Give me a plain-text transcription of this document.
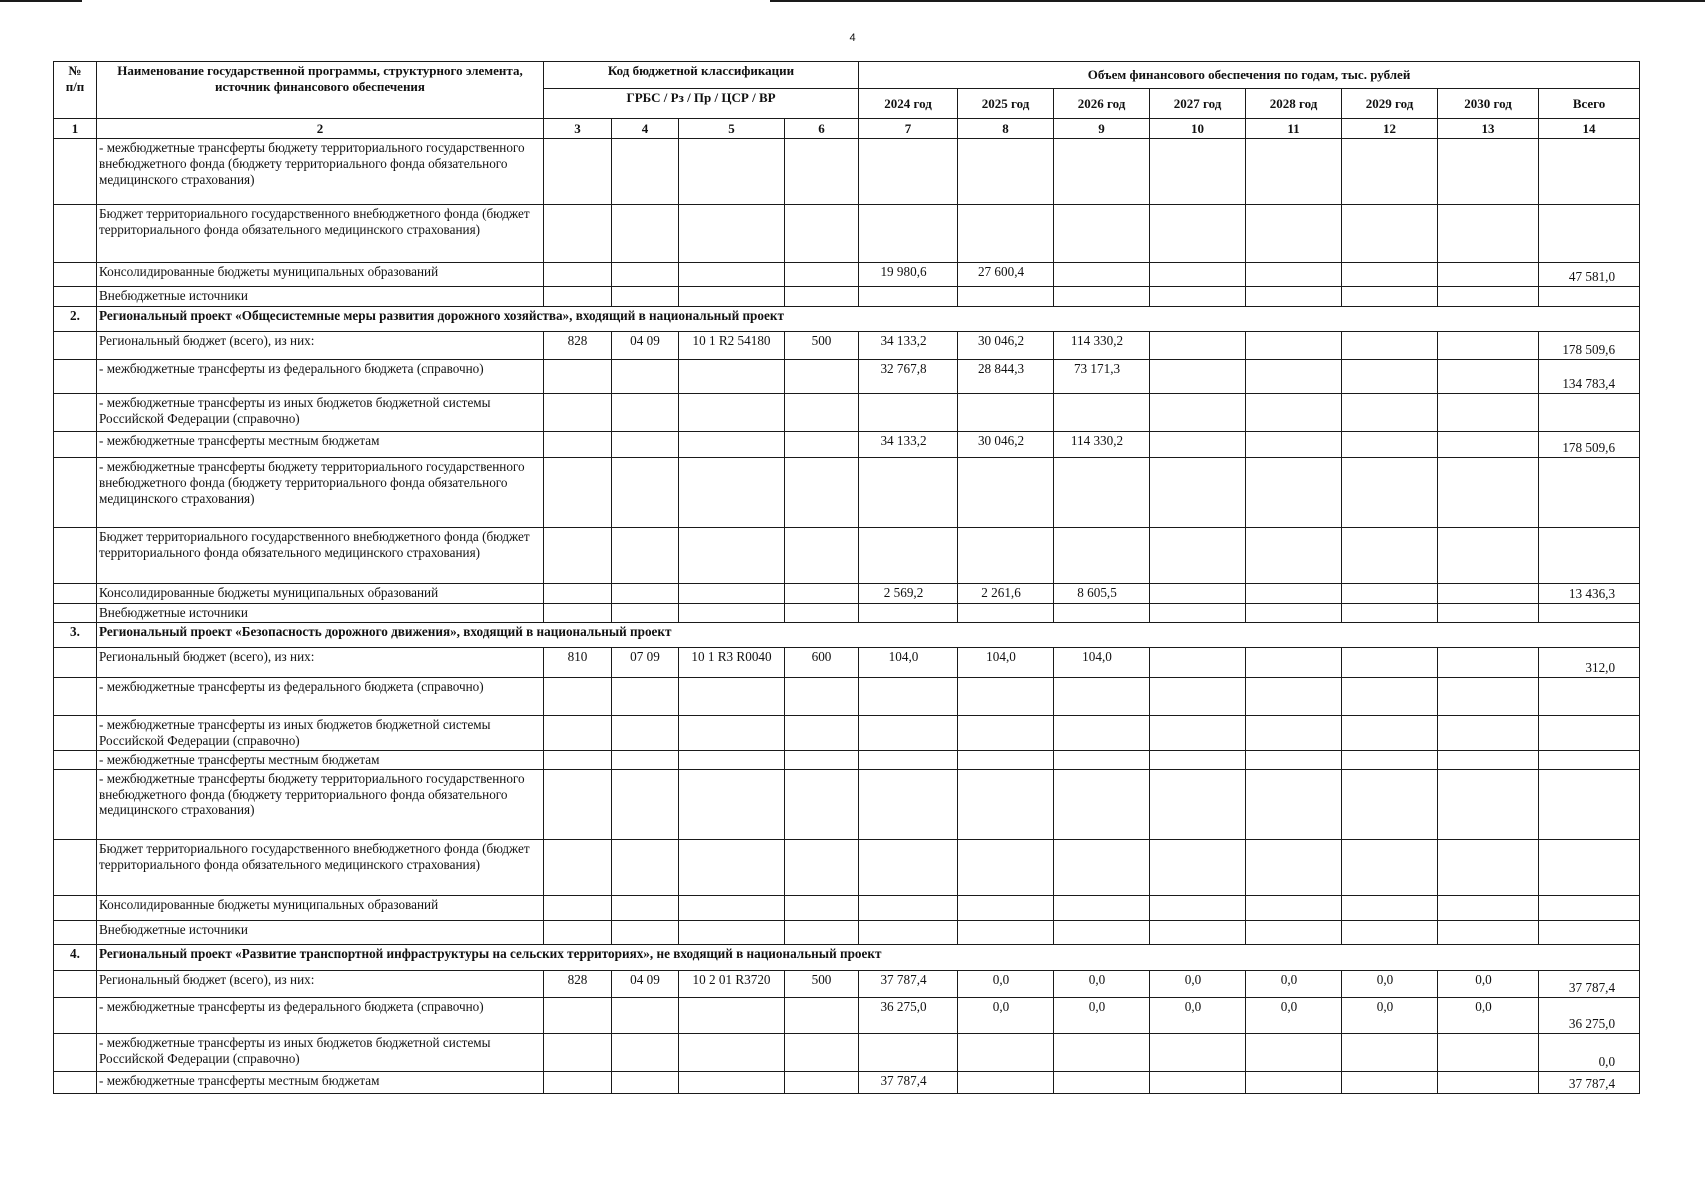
4
№
п/п	Наименование государственной программы, структурного элемента, источник финансового обеспечения	Код бюджетной классификации				Объем финансового обеспечения по годам, тыс. рублей							
		ГРБС / Рз / Пр / ЦСР / ВР				2024 год	2025 год	2026 год	2027 год	2028 год	2029 год	2030 год	Всего
1	2	3	4	5	6	7	8	9	10	11	12	13	14
	- межбюджетные трансферты бюджету территориального государственного внебюджетного фонда (бюджету территориального фонда обязательного медицинского страхования)												
	Бюджет территориального государственного внебюджетного фонда (бюджет территориального фонда обязательного медицинского страхования)												
	Консолидированные бюджеты муниципальных образований					19 980,6	27 600,4						47 581,0
	Внебюджетные источники												
2.	Региональный проект «Общесистемные меры развития дорожного хозяйства», входящий в национальный проект												
	Региональный бюджет (всего), из них:	828	04 09	10 1 R2 54180	500	34 133,2	30 046,2	114 330,2					178 509,6
	- межбюджетные трансферты из федерального бюджета (справочно)					32 767,8	28 844,3	73 171,3					134 783,4
	- межбюджетные трансферты из иных бюджетов бюджетной системы Российской Федерации (справочно)												
	- межбюджетные трансферты местным бюджетам					34 133,2	30 046,2	114 330,2					178 509,6
	- межбюджетные трансферты бюджету территориального государственного внебюджетного фонда (бюджету территориального фонда обязательного медицинского страхования)												
	Бюджет территориального государственного внебюджетного фонда (бюджет территориального фонда обязательного медицинского страхования)												
	Консолидированные бюджеты муниципальных образований					2 569,2	2 261,6	8 605,5					13 436,3
	Внебюджетные источники												
3.	Региональный проект «Безопасность дорожного движения», входящий в национальный проект												
	Региональный бюджет (всего), из них:	810	07 09	10 1 R3 R0040	600	104,0	104,0	104,0					312,0
	- межбюджетные трансферты из федерального бюджета (справочно)												
	- межбюджетные трансферты из иных бюджетов бюджетной системы Российской Федерации (справочно)												
	- межбюджетные трансферты местным бюджетам												
	- межбюджетные трансферты бюджету территориального государственного внебюджетного фонда (бюджету территориального фонда обязательного медицинского страхования)												
	Бюджет территориального государственного внебюджетного фонда (бюджет территориального фонда обязательного медицинского страхования)												
	Консолидированные бюджеты муниципальных образований												
	Внебюджетные источники												
4.	Региональный проект «Развитие транспортной инфраструктуры на сельских территориях», не входящий в национальный проект												
	Региональный бюджет (всего), из них:	828	04 09	10 2 01 R3720	500	37 787,4	0,0	0,0	0,0	0,0	0,0	0,0	37 787,4
	- межбюджетные трансферты из федерального бюджета (справочно)					36 275,0	0,0	0,0	0,0	0,0	0,0	0,0	36 275,0
	- межбюджетные трансферты из иных бюджетов бюджетной системы Российской Федерации (справочно)												0,0
	- межбюджетные трансферты местным бюджетам					37 787,4							37 787,4
